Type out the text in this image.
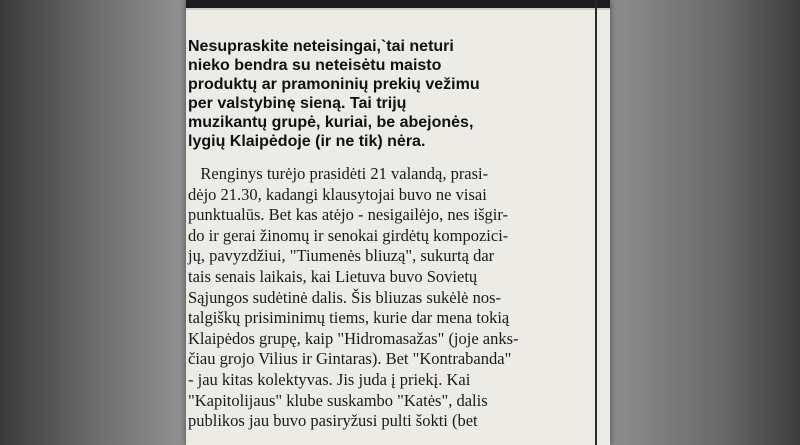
Nesupraskite neteisingai,`tai neturi
nieko bendra su neteisėtu maisto
produktų ar pramoninių prekių vežimu
per valstybinę sieną. Tai trijų
muzikantų grupė, kuriai, be abejonės,
lygių Klaipėdoje (ir ne tik) nėra.
Renginys turėjo prasidėti 21 valandą, prasi-
dėjo 21.30, kadangi klausytojai buvo ne visai
punktualūs. Bet kas atėjo - nesigailėjo, nes išgir-
do ir gerai žinomų ir senokai girdėtų kompozici-
jų, pavyzdžiui, "Tiumenės bliuzą", sukurtą dar
tais senais laikais, kai Lietuva buvo Sovietų
Sąjungos sudėtinė dalis. Šis bliuzas sukėlė nos-
talgiškų prisiminimų tiems, kurie dar mena tokią
Klaipėdos grupę, kaip "Hidromasažas" (joje anks-
čiau grojo Vilius ir Gintaras). Bet "Kontrabanda"
- jau kitas kolektyvas. Jis juda į priekį. Kai
"Kapitolijaus" klube suskambo "Katės", dalis
publikos jau buvo pasiryžusi pulti šokti (bet
